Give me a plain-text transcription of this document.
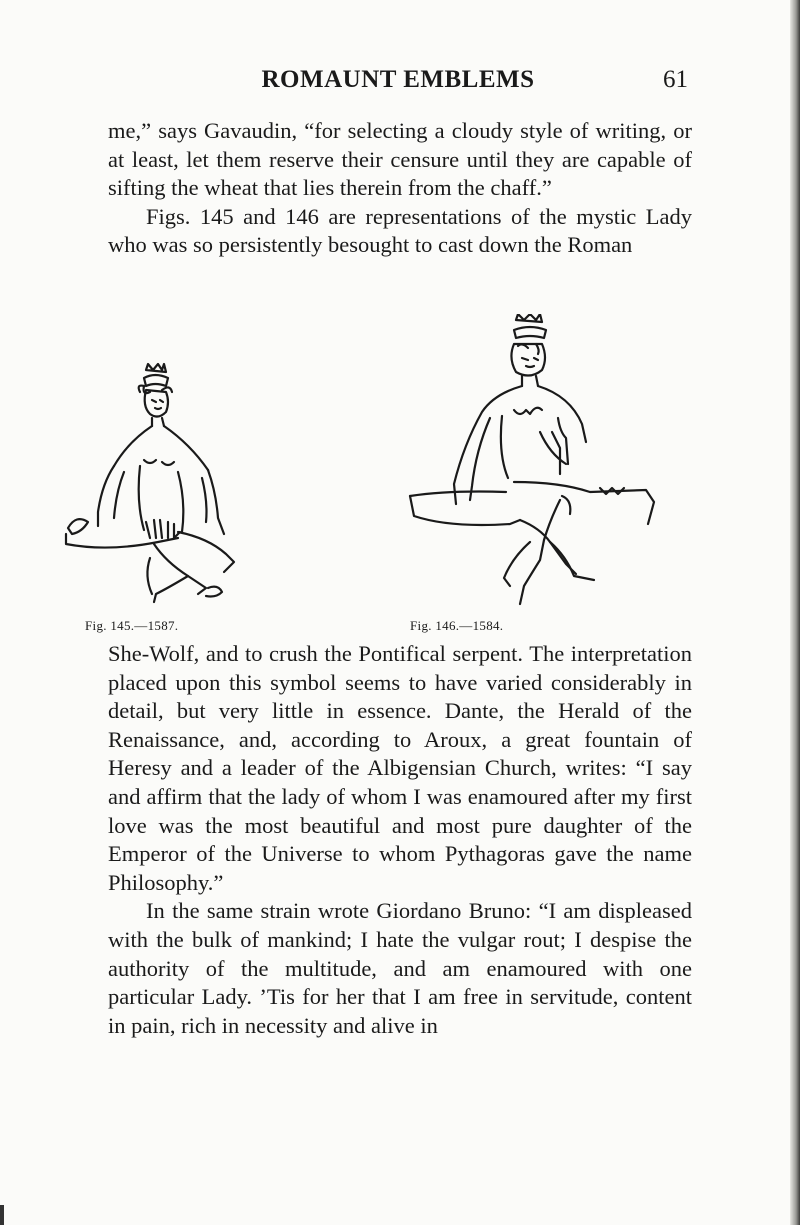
ROMAUNT EMBLEMS	61

me,” says Gavaudin, “for selecting a cloudy style of writing, or at least, let them reserve their censure until they are capable of sifting the wheat that lies therein from the chaff.”

Figs. 145 and 146 are representations of the mystic Lady who was so persistently besought to cast down the Roman

Fig. 145.—1587.	Fig. 146.—1584.

She-Wolf, and to crush the Pontifical serpent. The interpretation placed upon this symbol seems to have varied considerably in detail, but very little in essence. Dante, the Herald of the Renaissance, and, according to Aroux, a great fountain of Heresy and a leader of the Albigensian Church, writes: “I say and affirm that the lady of whom I was enamoured after my first love was the most beautiful and most pure daughter of the Emperor of the Universe to whom Pythagoras gave the name Philosophy.”

In the same strain wrote Giordano Bruno: “I am displeased with the bulk of mankind; I hate the vulgar rout; I despise the authority of the multitude, and am enamoured with one particular Lady. ’Tis for her that I am free in servitude, content in pain, rich in necessity and alive in
